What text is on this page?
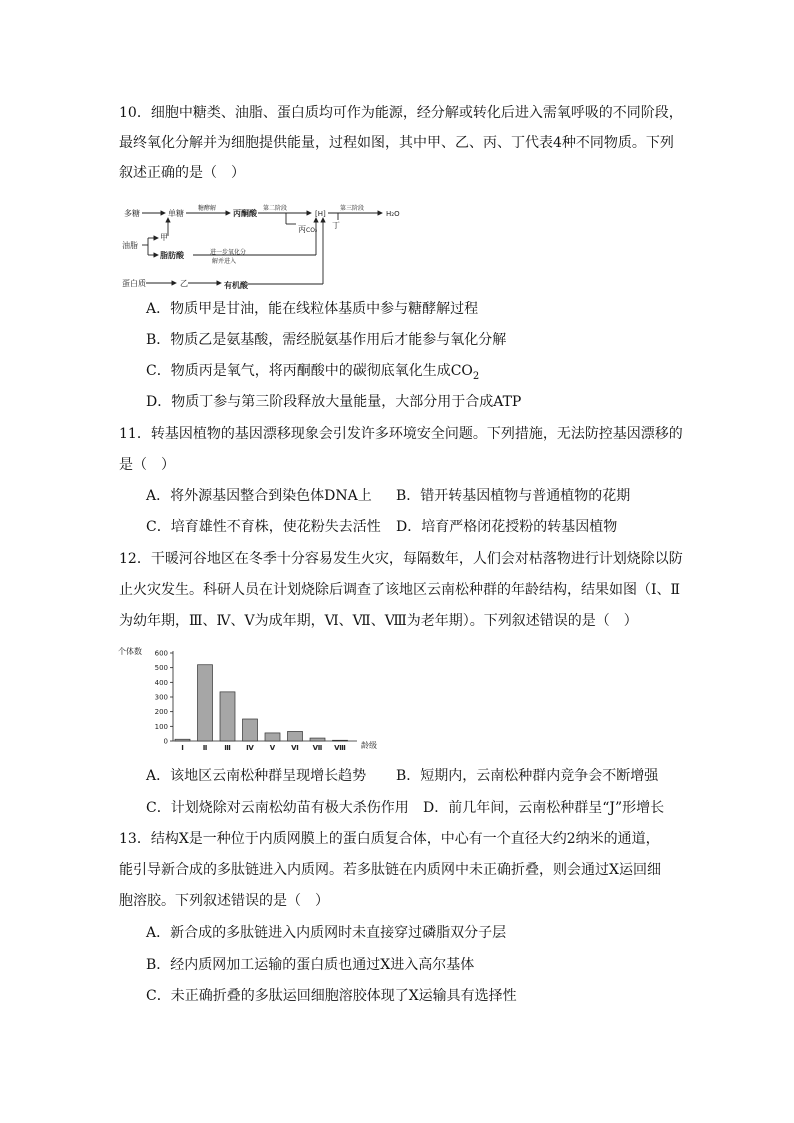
10．细胞中糖类、油脂、蛋白质均可作为能源，经分解或转化后进入需氧呼吸的不同阶段，
最终氧化分解并为细胞提供能量，过程如图，其中甲、乙、丙、丁代表4种不同物质。下列
叙述正确的是（　）
多糖	单糖
糖酵解
丙酮酸
第二阶段
[H]
第三阶段
H₂O
丙 CO₂
丁
油脂
甲
脂肪酸	进一步氧化分
解并进入
蛋白质	乙	有机酸
A．物质甲是甘油，能在线粒体基质中参与糖酵解过程
B．物质乙是氨基酸，需经脱氨基作用后才能参与氧化分解
C．物质丙是氧气，将丙酮酸中的碳彻底氧化生成$CO_2$
D．物质丁参与第三阶段释放大量能量，大部分用于合成ATP
11．转基因植物的基因漂移现象会引发许多环境安全问题。下列措施，无法防控基因漂移的
是（　）
A．将外源基因整合到染色体DNA上 B．错开转基因植物与普通植物的花期
C．培育雄性不育株，使花粉失去活性 D．培育严格闭花授粉的转基因植物
12．干暖河谷地区在冬季十分容易发生火灾，每隔数年，人们会对枯落物进行计划烧除以防
止火灾发生。科研人员在计划烧除后调查了该地区云南松种群的年龄结构，结果如图（Ⅰ、Ⅱ
为幼年期，Ⅲ、Ⅳ、Ⅴ为成年期，Ⅵ、Ⅶ、Ⅷ为老年期）。下列叙述错误的是（　）
个体数
0
100
200
300
400
500
600
Ⅰ	Ⅱ Ⅲ Ⅳ Ⅴ Ⅵ Ⅶ Ⅷ 龄级
A．该地区云南松种群呈现增长趋势 B．短期内，云南松种群内竞争会不断增强
C．计划烧除对云南松幼苗有极大杀伤作用 D．前几年间，云南松种群呈“J”形增长
13．结构X是一种位于内质网膜上的蛋白质复合体，中心有一个直径大约2纳米的通道，
能引导新合成的多肽链进入内质网。若多肽链在内质网中未正确折叠，则会通过X运回细
胞溶胶。下列叙述错误的是（　）
A．新合成的多肽链进入内质网时未直接穿过磷脂双分子层
B．经内质网加工运输的蛋白质也通过X进入高尔基体
C．未正确折叠的多肽运回细胞溶胶体现了X运输具有选择性
